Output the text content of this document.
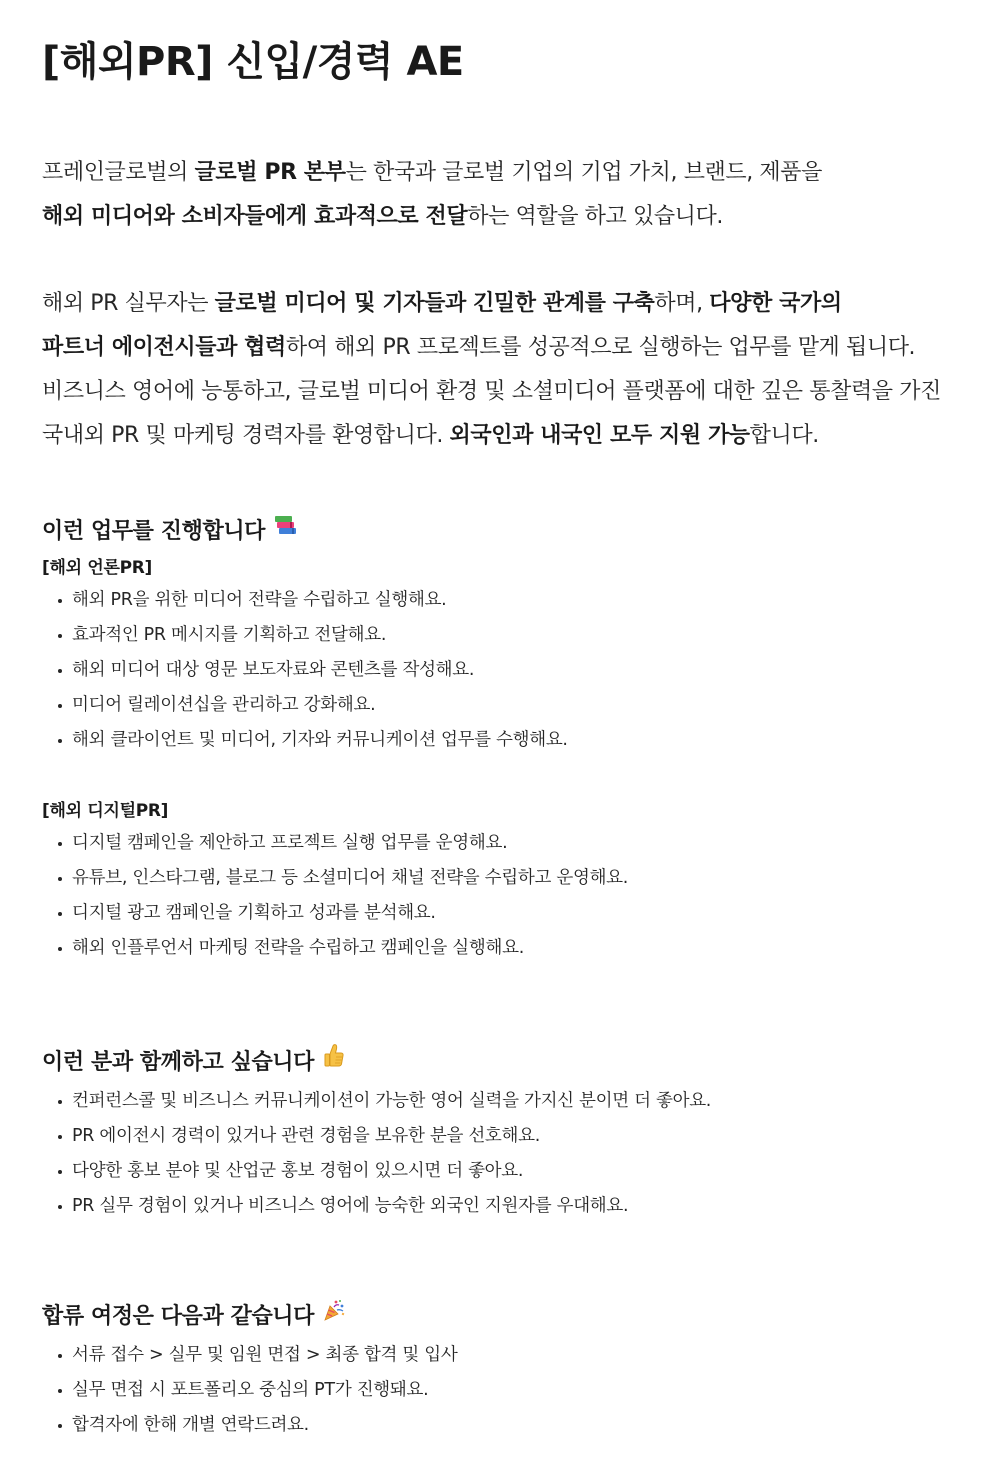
[해외PR] 신입/경력 AE

프레인글로벌의 글로벌 PR 본부는 한국과 글로벌 기업의 기업 가치, 브랜드, 제품을
해외 미디어와 소비자들에게 효과적으로 전달하는 역할을 하고 있습니다.

해외 PR 실무자는 글로벌 미디어 및 기자들과 긴밀한 관계를 구축하며, 다양한 국가의
파트너 에이전시들과 협력하여 해외 PR 프로젝트를 성공적으로 실행하는 업무를 맡게 됩니다.
비즈니스 영어에 능통하고, 글로벌 미디어 환경 및 소셜미디어 플랫폼에 대한 깊은 통찰력을 가진
국내외 PR 및 마케팅 경력자를 환영합니다. 외국인과 내국인 모두 지원 가능합니다.

이런 업무를 진행합니다
[해외 언론PR]
해외 PR을 위한 미디어 전략을 수립하고 실행해요.
효과적인 PR 메시지를 기획하고 전달해요.
해외 미디어 대상 영문 보도자료와 콘텐츠를 작성해요.
미디어 릴레이션십을 관리하고 강화해요.
해외 클라이언트 및 미디어, 기자와 커뮤니케이션 업무를 수행해요.
[해외 디지털PR]
디지털 캠페인을 제안하고 프로젝트 실행 업무를 운영해요.
유튜브, 인스타그램, 블로그 등 소셜미디어 채널 전략을 수립하고 운영해요.
디지털 광고 캠페인을 기획하고 성과를 분석해요.
해외 인플루언서 마케팅 전략을 수립하고 캠페인을 실행해요.
이런 분과 함께하고 싶습니다
컨퍼런스콜 및 비즈니스 커뮤니케이션이 가능한 영어 실력을 가지신 분이면 더 좋아요.
PR 에이전시 경력이 있거나 관련 경험을 보유한 분을 선호해요.
다양한 홍보 분야 및 산업군 홍보 경험이 있으시면 더 좋아요.
PR 실무 경험이 있거나 비즈니스 영어에 능숙한 외국인 지원자를 우대해요.
합류 여정은 다음과 같습니다
서류 접수 > 실무 및 임원 면접 > 최종 합격 및 입사
실무 면접 시 포트폴리오 중심의 PT가 진행돼요.
합격자에 한해 개별 연락드려요.
